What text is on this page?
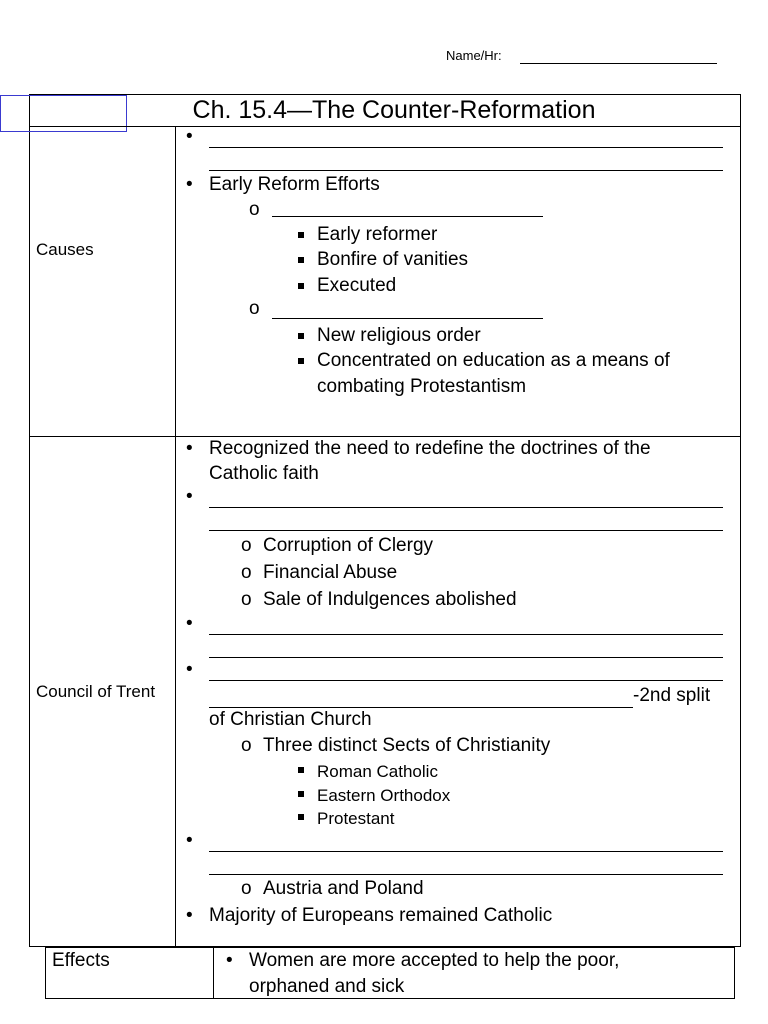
Name/Hr:
Ch. 15.4—The Counter-Reformation
Causes
•
• Early Reform Efforts
o
Early reformer
Bonfire of vanities
Executed
o
New religious order
Concentrated on education as a means of
combating Protestantism
Council of Trent
• Recognized the need to redefine the doctrines of the
Catholic faith
•
o Corruption of Clergy
o Financial Abuse
o Sale of Indulgences abolished
•
•
-2nd split
of Christian Church
o Three distinct Sects of Christianity
Roman Catholic
Eastern Orthodox
Protestant
•
o Austria and Poland
• Majority of Europeans remained Catholic
Effects	• Women are more accepted to help the poor,
orphaned and sick
